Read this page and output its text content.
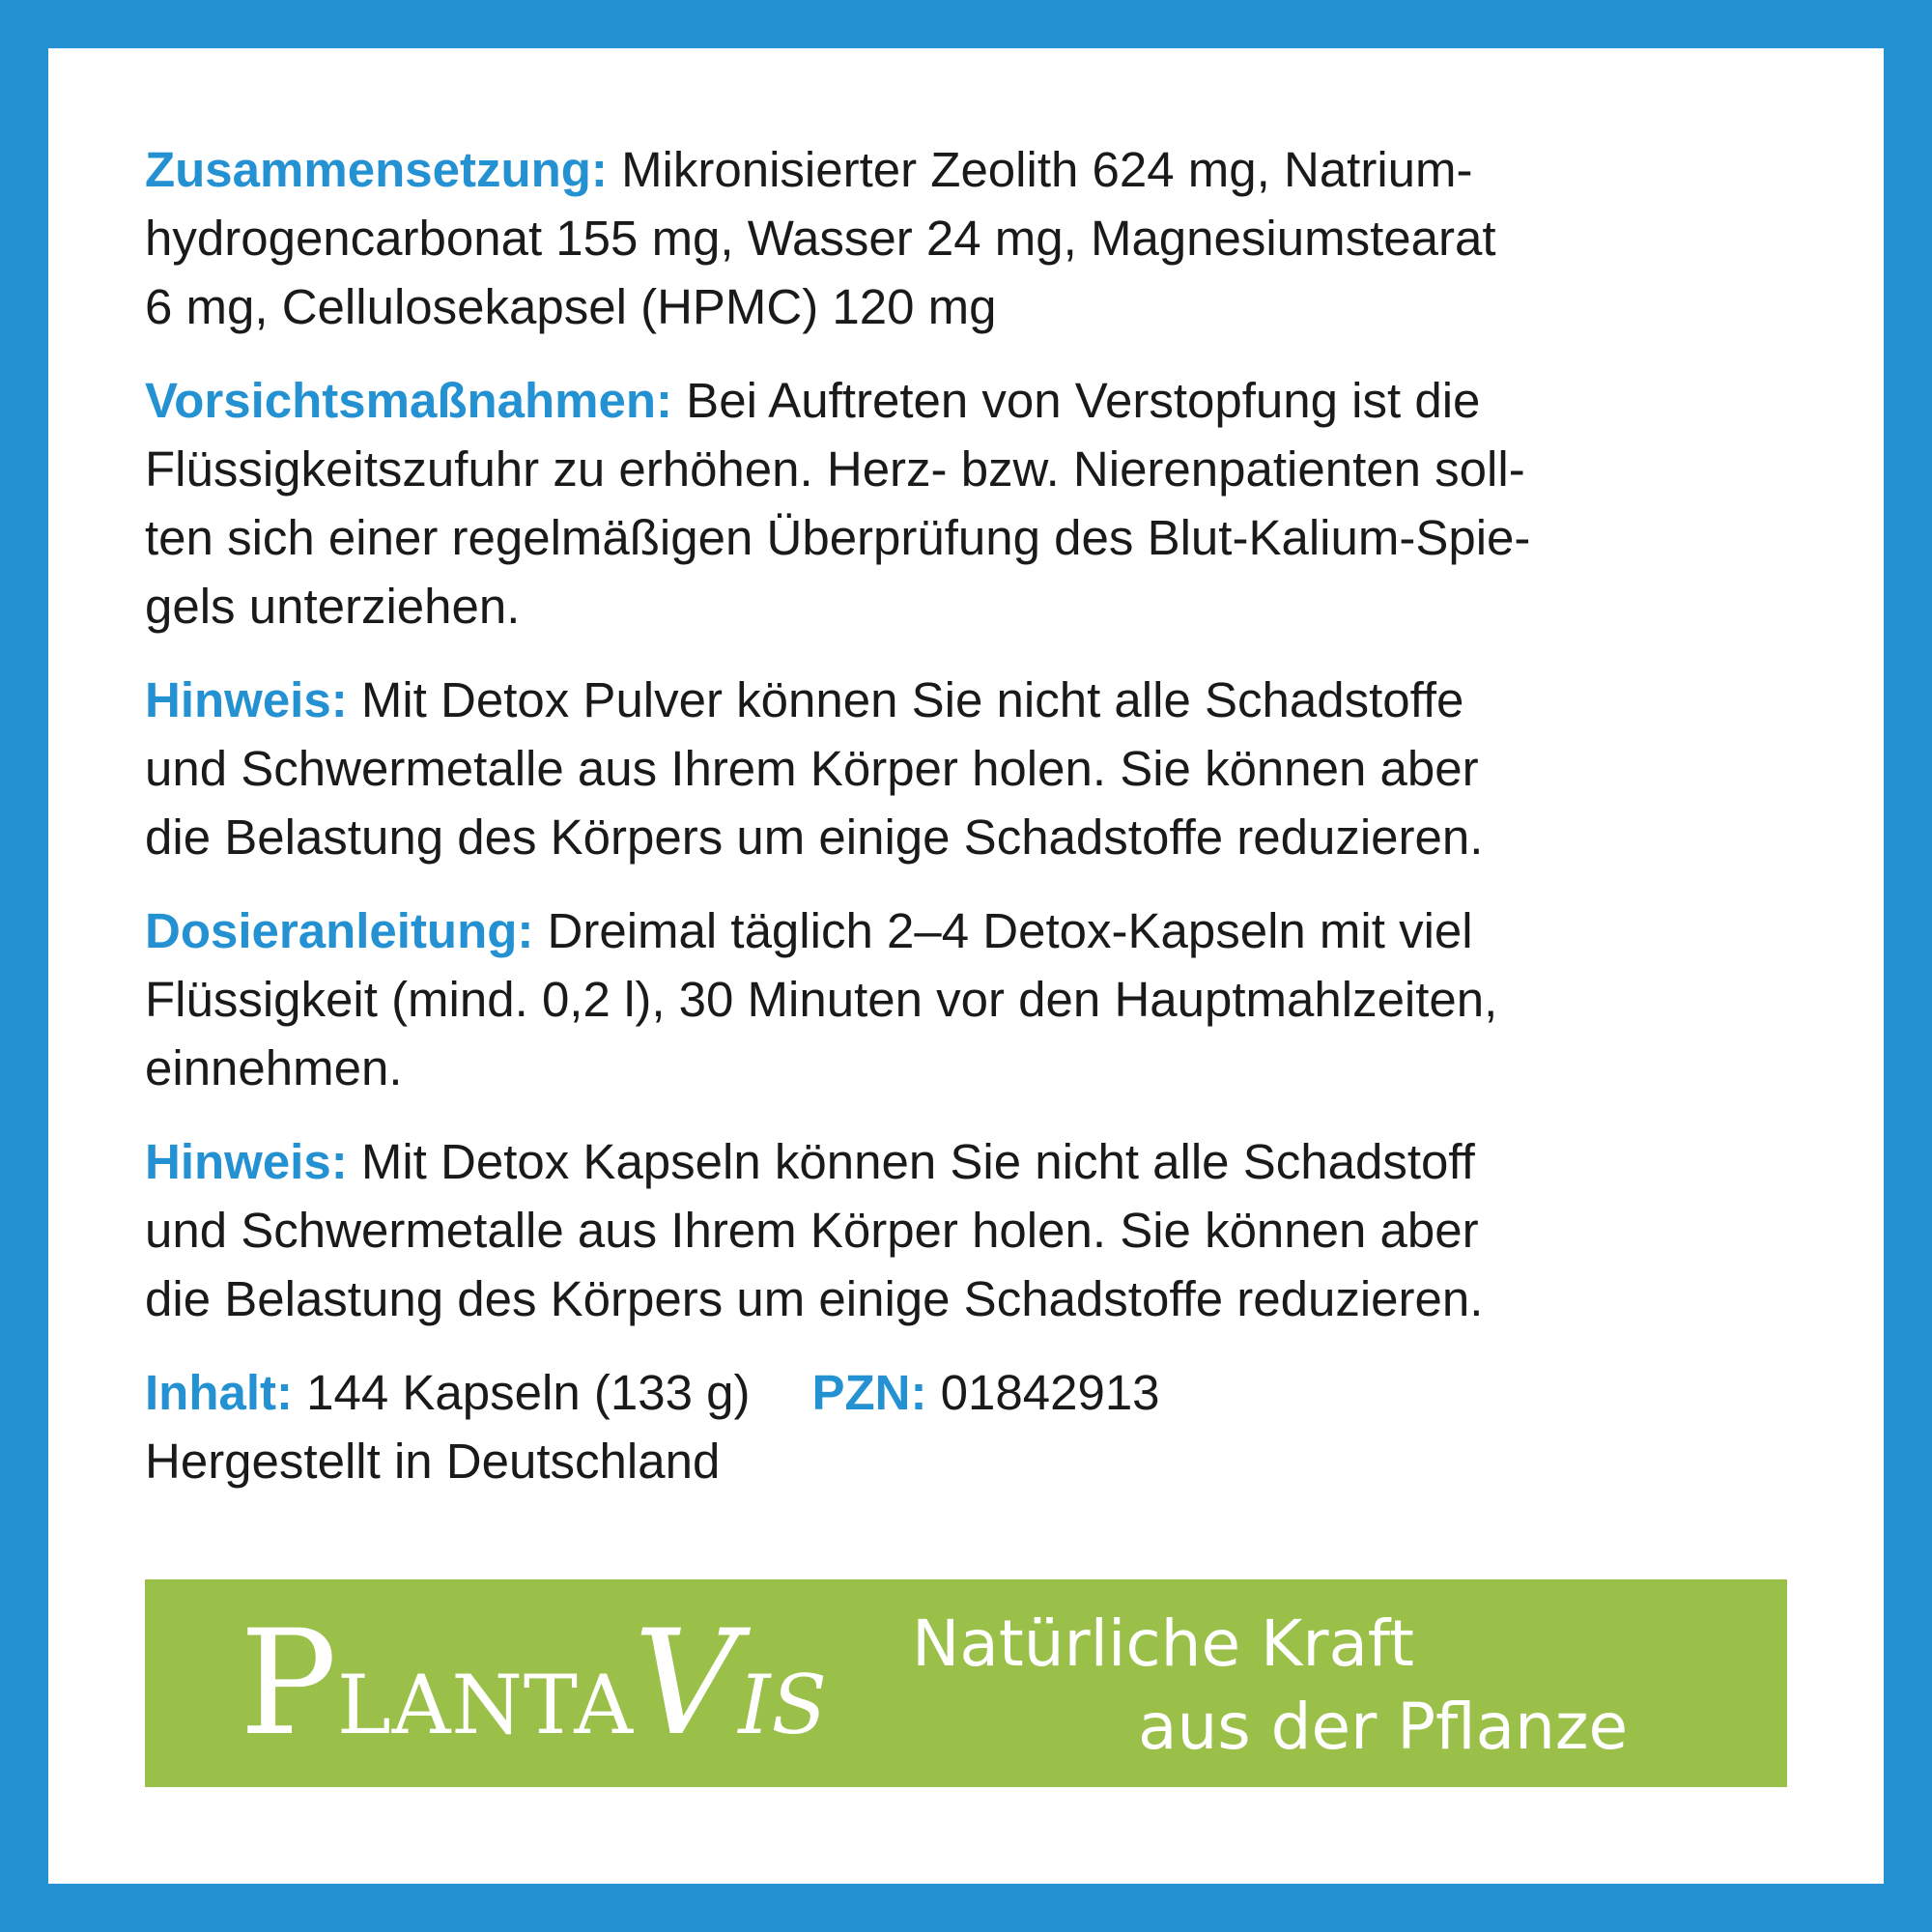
Zusammensetzung: Mikronisierter Zeolith 624 mg, Natrium-
hydrogencarbonat 155 mg, Wasser 24 mg, Magnesiumstearat
6 mg, Cellulosekapsel (HPMC) 120 mg
Vorsichtsmaßnahmen: Bei Auftreten von Verstopfung ist die
Flüssigkeitszufuhr zu erhöhen. Herz- bzw. Nierenpatienten soll-
ten sich einer regelmäßigen Überprüfung des Blut-Kalium-Spie-
gels unterziehen.
Hinweis: Mit Detox Pulver können Sie nicht alle Schadstoffe
und Schwermetalle aus Ihrem Körper holen. Sie können aber
die Belastung des Körpers um einige Schadstoffe reduzieren.
Dosieranleitung: Dreimal täglich 2–4 Detox-Kapseln mit viel
Flüssigkeit (mind. 0,2 l), 30 Minuten vor den Hauptmahlzeiten,
einnehmen.
Hinweis: Mit Detox Kapseln können Sie nicht alle Schadstoff
und Schwermetalle aus Ihrem Körper holen. Sie können aber
die Belastung des Körpers um einige Schadstoffe reduzieren.
Inhalt: 144 Kapseln (133 g) PZN: 01842913
Hergestellt in Deutschland
PLANTAVIS
Natürliche Kraft
aus der Pflanze
